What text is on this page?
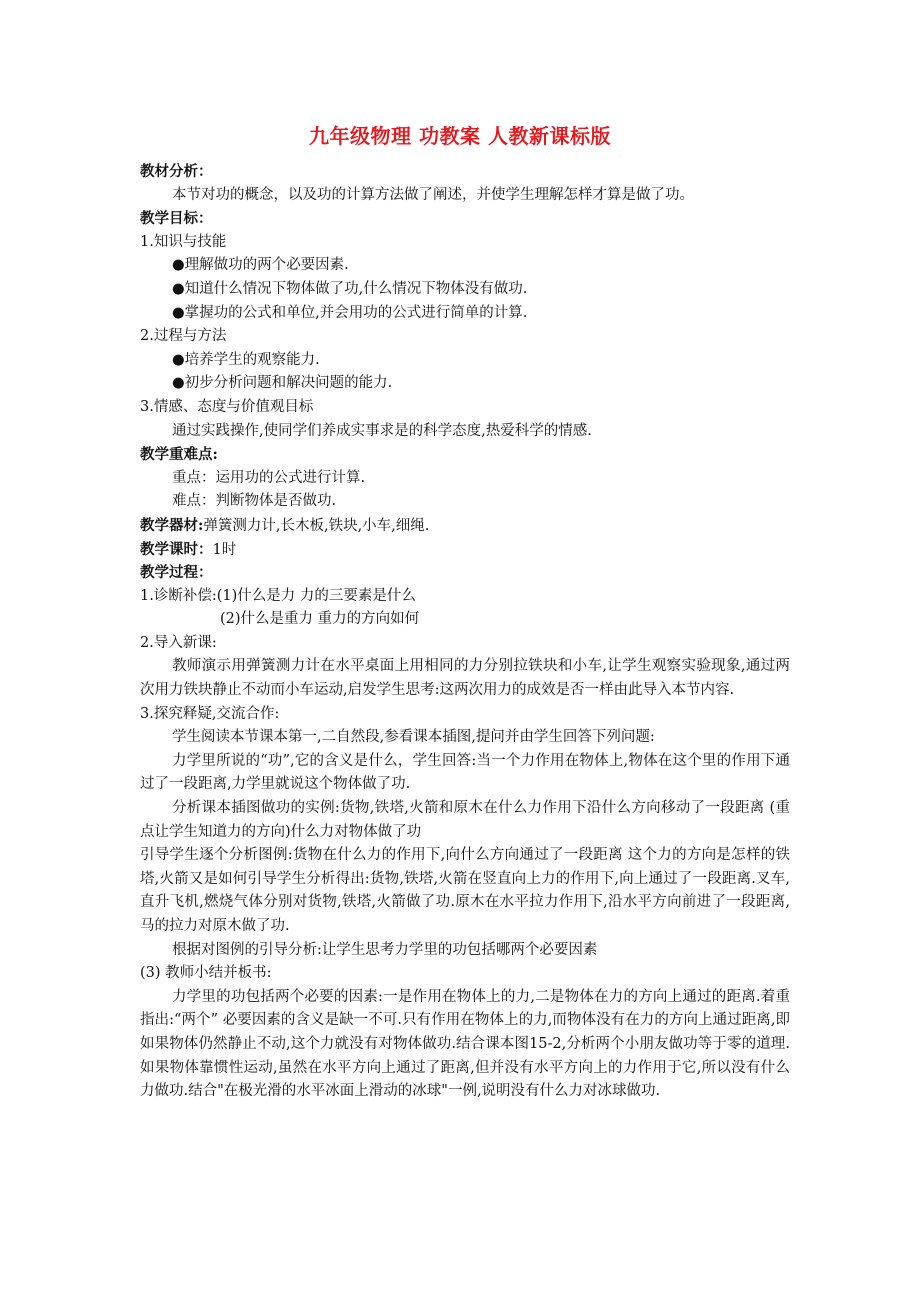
九年级物理 功教案 人教新课标版
教材分析：
本节对功的概念，以及功的计算方法做了阐述，并使学生理解怎样才算是做了功。
教学目标：
1.知识与技能
●理解做功的两个必要因素.
●知道什么情况下物体做了功,什么情况下物体没有做功.
●掌握功的公式和单位,并会用功的公式进行简单的计算.
2.过程与方法
●培养学生的观察能力.
●初步分析问题和解决问题的能力.
3.情感、态度与价值观目标
通过实践操作,使同学们养成实事求是的科学态度,热爱科学的情感.
教学重难点:
重点：运用功的公式进行计算.
难点：判断物体是否做功.
教学器材:弹簧测力计,长木板,铁块,小车,细绳.
教学课时：1时
教学过程：
1.诊断补偿:(1)什么是力 力的三要素是什么
(2)什么是重力 重力的方向如何
2.导入新课:
教师演示用弹簧测力计在水平桌面上用相同的力分别拉铁块和小车,让学生观察实验现象,通过两次用力铁块静止不动而小车运动,启发学生思考:这两次用力的成效是否一样由此导入本节内容.
3.探究释疑,交流合作:
学生阅读本节课本第一,二自然段,参看课本插图,提问并由学生回答下列问题:
力学里所说的“功”,它的含义是什么，学生回答:当一个力作用在物体上,物体在这个里的作用下通过了一段距离,力学里就说这个物体做了功.
分析课本插图做功的实例:货物,铁塔,火箭和原木在什么力作用下沿什么方向移动了一段距离 (重点让学生知道力的方向)什么力对物体做了功
引导学生逐个分析图例:货物在什么力的作用下,向什么方向通过了一段距离 这个力的方向是怎样的铁塔,火箭又是如何引导学生分析得出:货物,铁塔,火箭在竖直向上力的作用下,向上通过了一段距离.叉车,直升飞机,燃烧气体分别对货物,铁塔,火箭做了功.原木在水平拉力作用下,沿水平方向前进了一段距离,马的拉力对原木做了功.
根据对图例的引导分析:让学生思考力学里的功包括哪两个必要因素
(3) 教师小结并板书:
力学里的功包括两个必要的因素:一是作用在物体上的力,二是物体在力的方向上通过的距离.着重指出:“两个” 必要因素的含义是缺一不可.只有作用在物体上的力,而物体没有在力的方向上通过距离,即如果物体仍然静止不动,这个力就没有对物体做功.结合课本图15-2,分析两个小朋友做功等于零的道理.如果物体靠惯性运动,虽然在水平方向上通过了距离,但并没有水平方向上的力作用于它,所以没有什么力做功.结合"在极光滑的水平冰面上滑动的冰球"一例,说明没有什么力对冰球做功.
